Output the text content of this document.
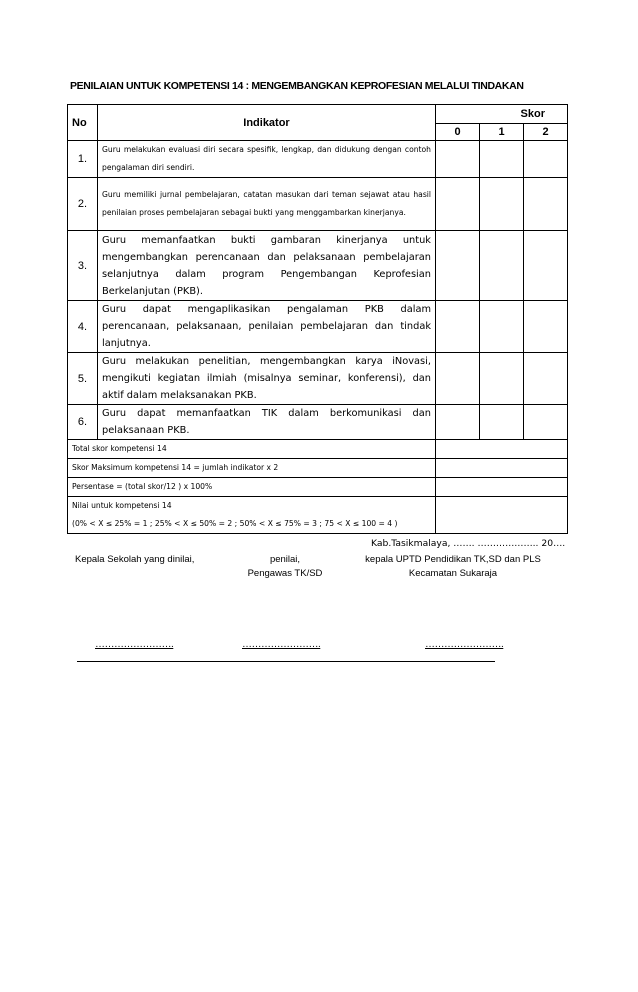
PENILAIAN UNTUK KOMPETENSI 14 : MENGEMBANGKAN KEPROFESIAN MELALUI TINDAKAN
No	Indikator	Skor		
		0	1	2
1.	Guru melakukan evaluasi diri secara spesifik, lengkap, dan didukung dengan contoh pengalaman diri sendiri.			
2.	Guru memiliki jurnal pembelajaran, catatan masukan dari teman sejawat atau hasil penilaian proses pembelajaran sebagai bukti yang menggambarkan kinerjanya.			
3.	Guru memanfaatkan bukti gambaran kinerjanya untuk mengembangkan perencanaan dan pelaksanaan pembelajaran selanjutnya dalam program Pengembangan Keprofesian Berkelanjutan (PKB).			
4.	Guru dapat mengaplikasikan pengalaman PKB dalam perencanaan, pelaksanaan, penilaian pembelajaran dan tindak lanjutnya.			
5.	Guru melakukan penelitian, mengembangkan karya iNovasi, mengikuti kegiatan ilmiah (misalnya seminar, konferensi), dan aktif dalam melaksanakan PKB.			
6.	Guru dapat memanfaatkan TIK dalam berkomunikasi dan pelaksanaan PKB.			
Total skor kompetensi 14				
Skor Maksimum kompetensi 14 = jumlah indikator x 2				
Persentase = (total skor/12 ) x 100%				

Nilai untuk kompetensi 14
(0% < X ≤ 25% = 1 ; 25% < X ≤ 50% = 2 ; 50% < X ≤ 75% = 3 ; 75 < X ≤ 100 = 4 )				

Kab.Tasikmalaya, ……. ……………….. 20….
Kepala Sekolah yang dinilai,	penilai,
Pengawas TK/SD
kepala UPTD Pendidikan TK,SD dan PLS
Kecamatan Sukaraja
…………………….	…………………….	…………………….
